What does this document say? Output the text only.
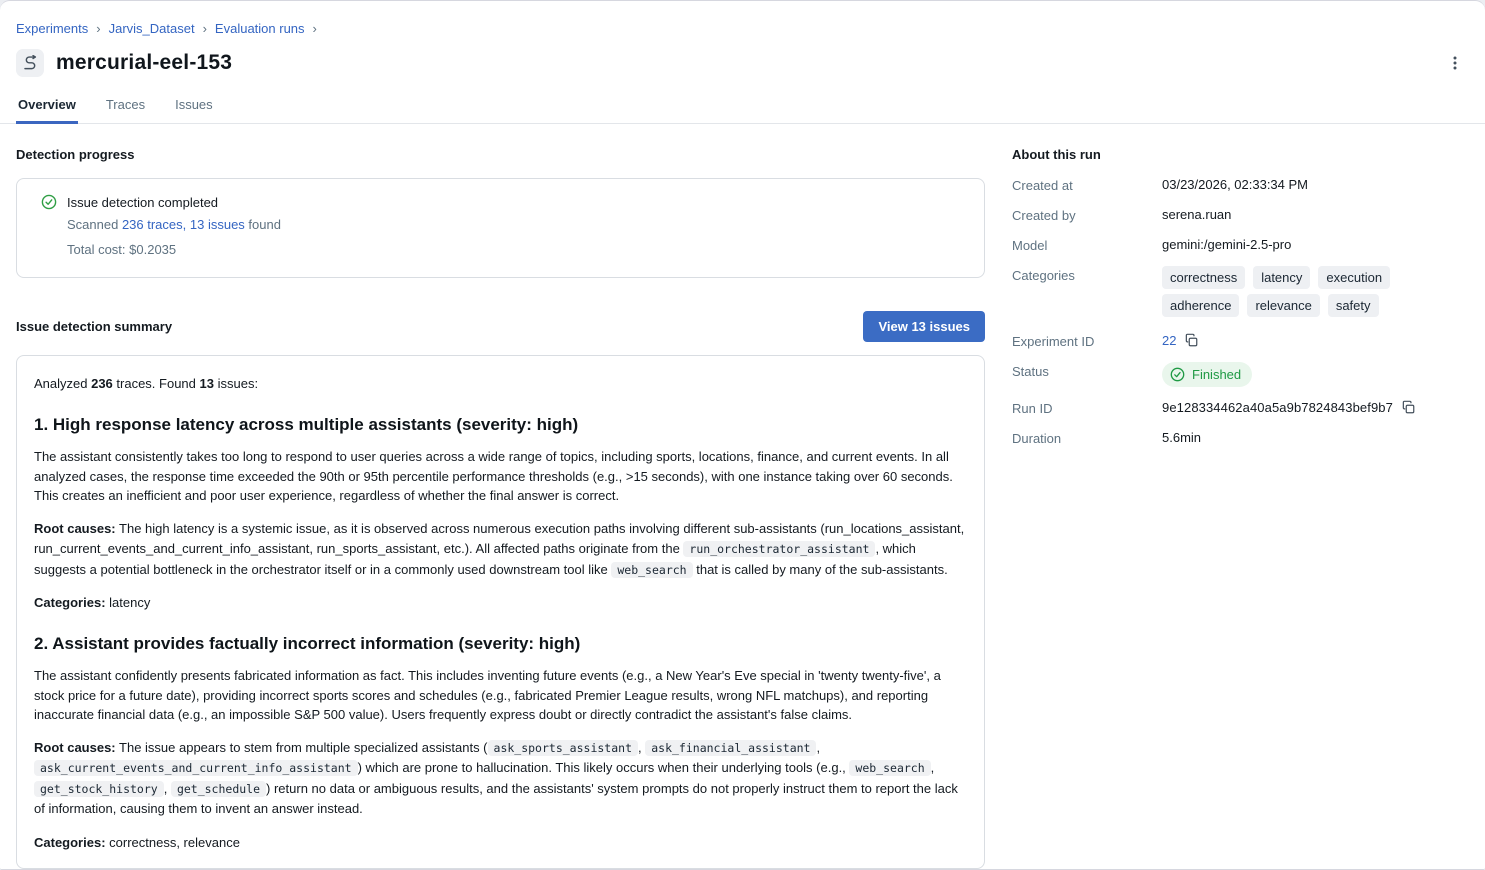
Experiments › Jarvis_Dataset › Evaluation runs ›
mercurial-eel-153
Overview Traces Issues
Detection progress
Issue detection completed
Scanned 236 traces, 13 issues found
Total cost: $0.2035
Issue detection summary	View 13 issues

Analyzed 236 traces. Found 13 issues:

1. High response latency across multiple assistants (severity: high)

The assistant consistently takes too long to respond to user queries across a wide range of topics, including sports, locations, finance, and current events. In all analyzed cases, the response time exceeded the 90th or 95th percentile performance thresholds (e.g., >15 seconds), with one instance taking over 60 seconds. This creates an inefficient and poor user experience, regardless of whether the final answer is correct.

Root causes: The high latency is a systemic issue, as it is observed across numerous execution paths involving different sub-assistants (run_locations_assistant, run_current_events_and_current_info_assistant, run_sports_assistant, etc.). All affected paths originate from the run_orchestrator_assistant , which suggests a potential bottleneck in the orchestrator itself or in a commonly used downstream tool like web_search that is called by many of the sub-assistants.

Categories: latency

2. Assistant provides factually incorrect information (severity: high)

The assistant confidently presents fabricated information as fact. This includes inventing future events (e.g., a New Year's Eve special in 'twenty twenty-five', a stock price for a future date), providing incorrect sports scores and schedules (e.g., fabricated Premier League results, wrong NFL matchups), and reporting inaccurate financial data (e.g., an impossible S&P 500 value). Users frequently express doubt or directly contradict the assistant's false claims.

Root causes: The issue appears to stem from multiple specialized assistants ( ask_sports_assistant , ask_financial_assistant , ask_current_events_and_current_info_assistant ) which are prone to hallucination. This likely occurs when their underlying tools (e.g., web_search , get_stock_history , get_schedule ) return no data or ambiguous results, and the assistants' system prompts do not properly instruct them to report the lack of information, causing them to invent an answer instead.

Categories: correctness, relevance

About this run
Created at	03/23/2026, 02:33:34 PM
Created by	serena.ruan
Model	gemini:/gemini-2.5-pro
Categories	correctness	latency	execution
adherence	relevance	safety
Experiment ID	22
Status	Finished
Run ID	9e128334462a40a5a9b7824843bef9b7
Duration	5.6min
